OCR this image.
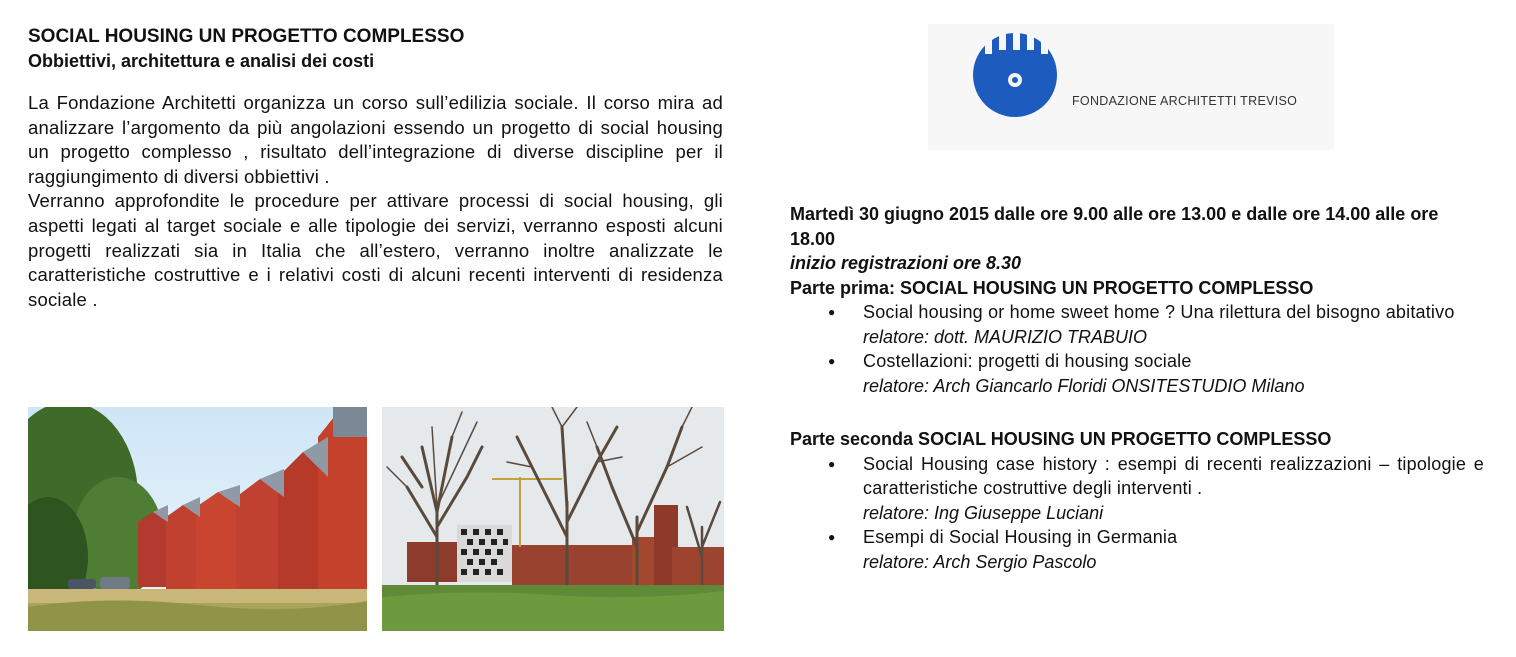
SOCIAL HOUSING UN PROGETTO COMPLESSO
Obbiettivi, architettura e analisi dei costi

La Fondazione Architetti organizza un corso sull’edilizia sociale. Il corso mira ad analizzare l’argomento da più angolazioni essendo un progetto di social housing un progetto complesso , risultato dell’integrazione di diverse discipline per il raggiungimento di diversi obbiettivi .

Verranno approfondite le procedure per attivare processi di social housing, gli aspetti legati al target sociale e alle tipologie dei servizi, verranno esposti alcuni progetti realizzati sia in Italia che all’estero, verranno inoltre analizzate le caratteristiche costruttive e i relativi costi di alcuni recenti interventi di residenza sociale .

FONDAZIONE ARCHITETTI TREVISO

Martedì 30 giugno 2015 dalle ore 9.00 alle ore 13.00 e dalle ore 14.00 alle ore 18.00

inizio registrazioni ore 8.30

Parte prima: SOCIAL HOUSING UN PROGETTO COMPLESSO

● Social housing or home sweet home ? Una rilettura del bisogno abitativo
relatore: dott. MAURIZIO TRABUIO
● Costellazioni: progetti di housing sociale
relatore: Arch Giancarlo Floridi ONSITESTUDIO Milano

Parte seconda SOCIAL HOUSING UN PROGETTO COMPLESSO

● Social Housing case history : esempi di recenti realizzazioni – tipologie e caratteristiche costruttive degli interventi .
relatore: Ing Giuseppe Luciani
● Esempi di Social Housing in Germania
relatore: Arch Sergio Pascolo
